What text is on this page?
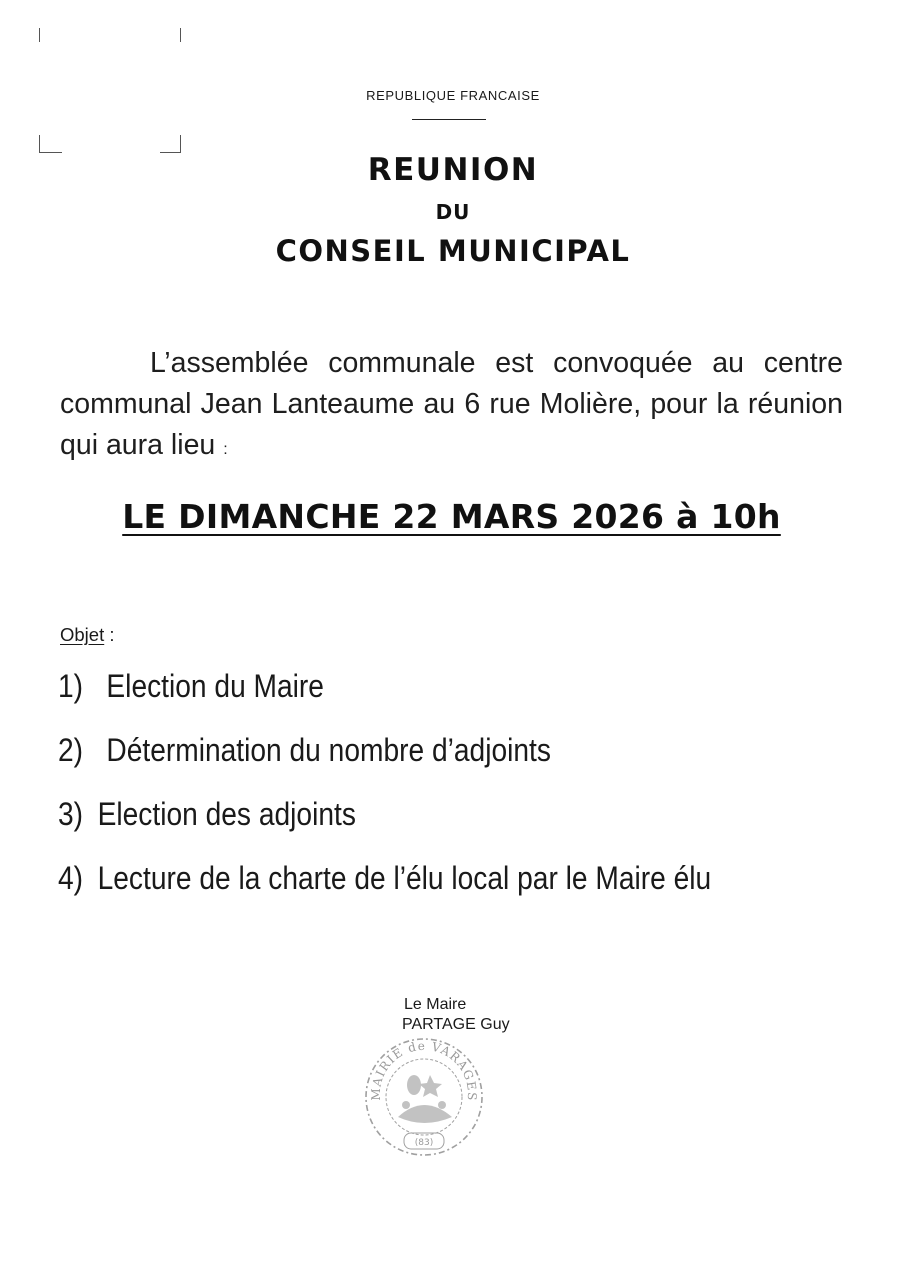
REPUBLIQUE FRANCAISE
REUNION
DU
CONSEIL MUNICIPAL
L’assemblée communale est convoquée au centre communal Jean Lanteaume au 6 rue Molière, pour la réunion qui aura lieu :
LE DIMANCHE 22 MARS 2026 à 10h
Objet :
1) Election du Maire
2) Détermination du nombre d’adjoints
3) Election des adjoints
4) Lecture de la charte de l’élu local par le Maire élu
Le Maire
PARTAGE Guy
MAIRIE de VARAGES
(83)
